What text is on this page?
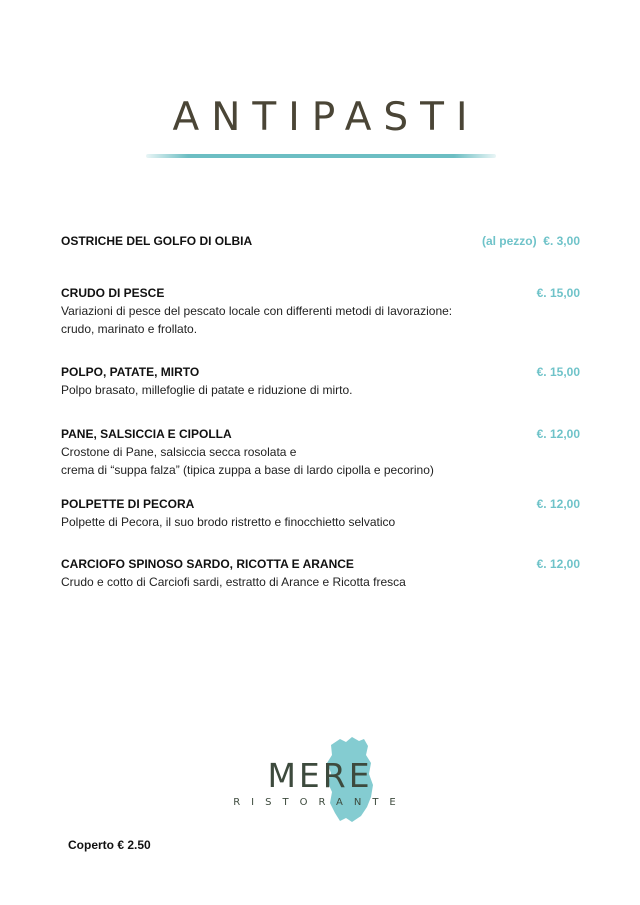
ANTIPASTI
OSTRICHE DEL GOLFO DI OLBIA	(al pezzo)  €. 3,00
CRUDO DI PESCE	€. 15,00
Variazioni di pesce del pescato locale con differenti metodi di lavorazione:
crudo, marinato e frollato.
POLPO, PATATE, MIRTO	€. 15,00
Polpo brasato, millefoglie di patate e riduzione di mirto.
PANE, SALSICCIA E CIPOLLA	€. 12,00
Crostone di Pane, salsiccia secca rosolata e
crema di “suppa falza” (tipica zuppa a base di lardo cipolla e pecorino)
POLPETTE DI PECORA	€. 12,00
Polpette di Pecora, il suo brodo ristretto e finocchietto selvatico
CARCIOFO SPINOSO SARDO, RICOTTA E ARANCE	€. 12,00
Crudo e cotto di Carciofi sardi, estratto di Arance e Ricotta fresca
MERE
RISTORANTE
Coperto € 2.50
